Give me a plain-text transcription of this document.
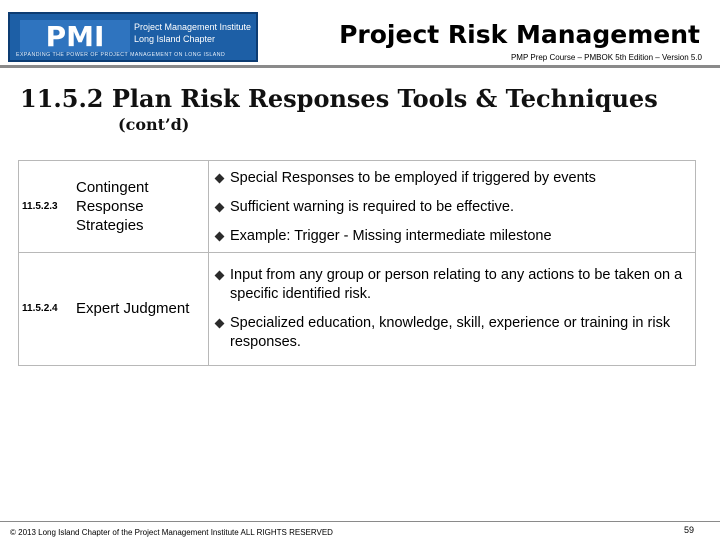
PMI	Project Management Institute
Long Island Chapter
EXPANDING THE POWER OF PROJECT MANAGEMENT ON LONG ISLAND
Project Risk Management
PMP Prep Course – PMBOK 5th Edition – Version 5.0
11.5.2 Plan Risk Responses Tools & Techniques
(cont’d)
11.5.2.3
Contingent
Response
Strategies
Special Responses to be employed if triggered by events
Sufficient warning is required to be effective.
Example: Trigger - Missing intermediate milestone
11.5.2.4 Expert Judgment
Input from any group or person relating to any actions to be taken on a specific identified risk.
Specialized education, knowledge, skill, experience or training in risk responses.
© 2013 Long Island Chapter of the Project Management Institute ALL RIGHTS RESERVED	59
